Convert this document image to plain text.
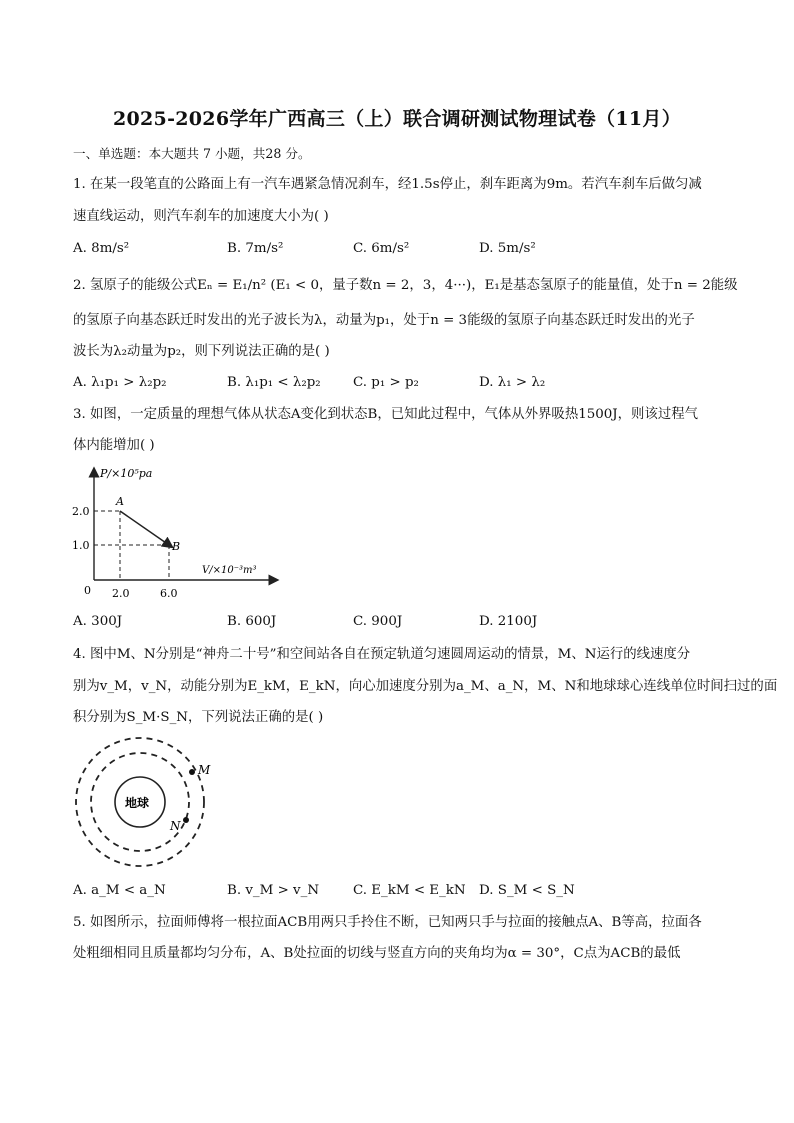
2025-2026学年广西高三（上）联合调研测试物理试卷（11月）
一、单选题：本大题共 7 小题，共28 分。
1. 在某一段笔直的公路面上有一汽车遇紧急情况刹车，经1.5s停止，刹车距离为9m。若汽车刹车后做匀减
速直线运动，则汽车刹车的加速度大小为( )
A. 8m/s²	B. 7m/s²	C. 6m/s²	D. 5m/s²
2. 氢原子的能级公式Eₙ = E₁/n² (E₁ < 0，量子数n = 2，3，4···)，E₁是基态氢原子的能量值，处于n = 2能级
的氢原子向基态跃迁时发出的光子波长为λ，动量为p₁，处于n = 3能级的氢原子向基态跃迁时发出的光子
波长为λ₂动量为p₂，则下列说法正确的是( )
A. λ₁p₁ > λ₂p₂	B. λ₁p₁ < λ₂p₂ C. p₁ > p₂	D. λ₁ > λ₂
3. 如图，一定质量的理想气体从状态A变化到状态B，已知此过程中，气体从外界吸热1500J，则该过程气
体内能增加( )
P/×10⁵pa
V/×10⁻³m³
0
2.0
1.0
2.0	6.0
A
B
A. 300J	B. 600J	C. 900J	D. 2100J
4. 图中M、N分别是“神舟二十号”和空间站各自在预定轨道匀速圆周运动的情景，M、N运行的线速度分
别为v_M，v_N，动能分别为E_kM，E_kN，向心加速度分别为a_M、a_N，M、N和地球球心连线单位时间扫过的面
积分别为S_M·S_N，下列说法正确的是( )
地球
M
N
A. a_M < a_N	B. v_M > v_N	C. E_kM < E_kN D. S_M < S_N
5. 如图所示，拉面师傅将一根拉面ACB用两只手拎住不断，已知两只手与拉面的接触点A、B等高，拉面各
处粗细相同且质量都均匀分布，A、B处拉面的切线与竖直方向的夹角均为α = 30°，C点为ACB的最低
